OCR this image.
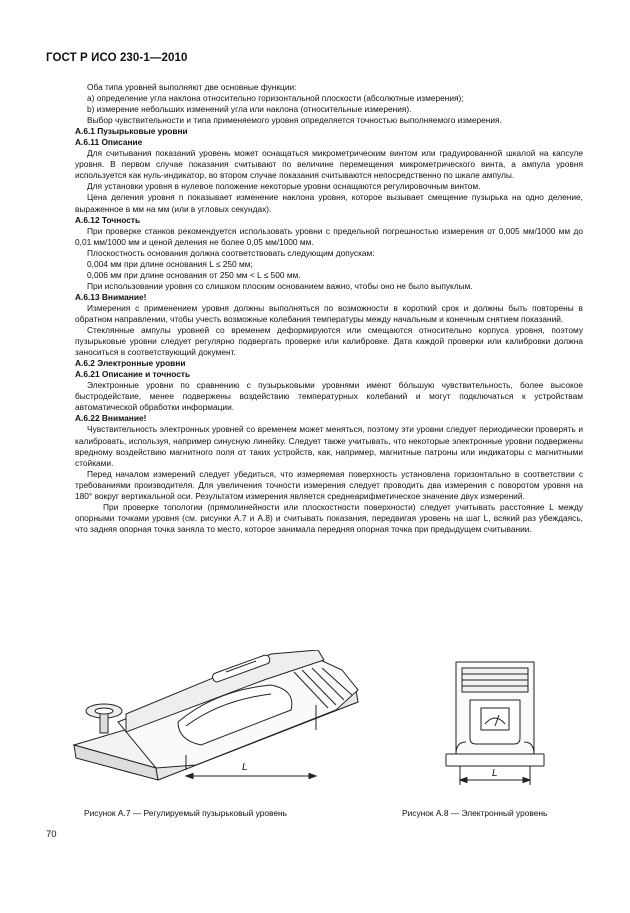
ГОСТ Р ИСО 230-1—2010

Оба типа уровней выполняют две основные функции:

а) определение угла наклона относительно горизонтальной плоскости (абсолютные измерения);

b) измерение небольших изменений угла или наклона (относительные измерения).

Выбор чувствительности и типа применяемого уровня определяется точностью выполняемого измерения.

А.6.1 Пузырьковые уровни

А.6.11 Описание

Для считывания показаний уровень может оснащаться микрометрическим винтом или градуированной шкалой на капсуле уровня. В первом случае показания считывают по величине перемещения микрометрического винта, а ампула уровня используется как нуль-индикатор, во втором случае показания считываются непосредственно по шкале ампулы.

Для установки уровня в нулевое положение некоторые уровни оснащаются регулировочным винтом.

Цена деления уровня n показывает изменение наклона уровня, которое вызывает смещение пузырька на одно деление, выраженное в мм на мм (или в угловых секундах).

А.6.12 Точность

При проверке станков рекомендуется использовать уровни с предельной погрешностью измерения от 0,005 мм/1000 мм до 0,01 мм/1000 мм и ценой деления не более 0,05 мм/1000 мм.

Плоскостность основания должна соответствовать следующим допускам:

0,004 мм при длине основания L ≤ 250 мм;

0,006 мм при длине основания от 250 мм < L ≤ 500 мм.

При использовании уровня со слишком плоским основанием важно, чтобы оно не было выпуклым.

А.6.13 Внимание!

Измерения с применением уровня должны выполняться по возможности в короткий срок и должны быть повторены в обратном направлении, чтобы учесть возможные колебания температуры между начальным и конечным снятием показаний.

Стеклянные ампулы уровней со временем деформируются или смещаются относительно корпуса уровня, поэтому пузырьковые уровни следует регулярно подвергать проверке или калибровке. Дата каждой проверки или калибровки должна заноситься в соответствующий документ.

А.6.2 Электронные уровни

А.6.21 Описание и точность

Электронные уровни по сравнению с пузырьковыми уровнями имеют бо́льшую чувствительность, более высокое быстродействие, менее подвержены воздействию температурных колебаний и могут подключаться к устройствам автоматической обработки информации.

А.6.22 Внимание!

Чувствительность электронных уровней со временем может меняться, поэтому эти уровни следует периодически проверять и калибровать, используя, например синусную линейку. Следует также учитывать, что некоторые электронные уровни подвержены вредному воздействию магнитного поля от таких устройств, как, например, магнитные патроны или индикаторы с магнитными стойками.

Перед началом измерений следует убедиться, что измеряемая поверхность установлена горизонтально в соответствии с требованиями производителя. Для увеличения точности измерения следует проводить два измерения с поворотом уровня на 180° вокруг вертикальной оси. Результатом измерения является среднеарифметическое значение двух измерений.

При проверке топологии (прямолинейности или плоскостности поверхности) следует учитывать расстояние L между опорными точками уровня (см. рисунки А.7 и А.8) и считывать показания, передвигая уровень на шаг L, всякий раз убеждаясь, что задняя опорная точка заняла то место, которое занимала передняя опорная точка при предыдущем считывании.

L
L
Рисунок А.7 — Регулируемый пузырьковый уровень	Рисунок А.8 — Электронный уровень
70
